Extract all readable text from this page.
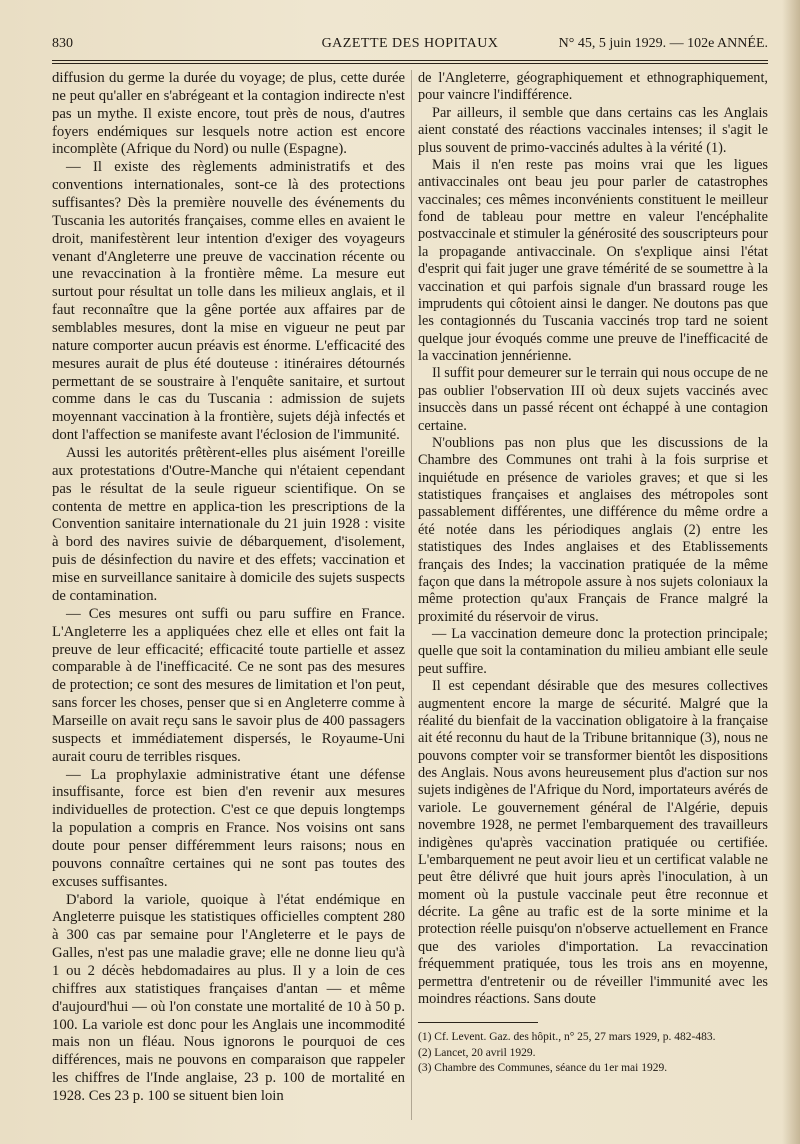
830	GAZETTE DES HOPITAUX	N° 45, 5 juin 1929. — 102e ANNÉE.

diffusion du germe la durée du voyage; de plus, cette durée ne peut qu'aller en s'abrégeant et la contagion indirecte n'est pas un mythe. Il existe encore, tout près de nous, d'autres foyers endémiques sur lesquels notre action est encore incomplète (Afrique du Nord) ou nulle (Espagne).

— Il existe des règlements administratifs et des conventions internationales, sont-ce là des protections suffisantes? Dès la première nouvelle des événements du Tuscania les autorités françaises, comme elles en avaient le droit, manifestèrent leur intention d'exiger des voyageurs venant d'Angleterre une preuve de vaccination récente ou une revaccination à la frontière même. La mesure eut surtout pour résultat un tolle dans les milieux anglais, et il faut reconnaître que la gêne portée aux affaires par de semblables mesures, dont la mise en vigueur ne peut par nature comporter aucun préavis est énorme. L'efficacité des mesures aurait de plus été douteuse : itinéraires détournés permettant de se soustraire à l'enquête sanitaire, et surtout comme dans le cas du Tuscania : admission de sujets moyennant vaccination à la frontière, sujets déjà infectés et dont l'affection se manifeste avant l'éclosion de l'immunité.

Aussi les autorités prêtèrent-elles plus aisément l'oreille aux protestations d'Outre-Manche qui n'étaient cependant pas le résultat de la seule rigueur scientifique. On se contenta de mettre en applica-tion les prescriptions de la Convention sanitaire internationale du 21 juin 1928 : visite à bord des navires suivie de débarquement, d'isolement, puis de désinfection du navire et des effets; vaccination et mise en surveillance sanitaire à domicile des sujets suspects de contamination.

— Ces mesures ont suffi ou paru suffire en France. L'Angleterre les a appliquées chez elle et elles ont fait la preuve de leur efficacité; efficacité toute partielle et assez comparable à de l'inefficacité. Ce ne sont pas des mesures de protection; ce sont des mesures de limitation et l'on peut, sans forcer les choses, penser que si en Angleterre comme à Marseille on avait reçu sans le savoir plus de 400 passagers suspects et immédiatement dispersés, le Royaume-Uni aurait couru de terribles risques.

— La prophylaxie administrative étant une défense insuffisante, force est bien d'en revenir aux mesures individuelles de protection. C'est ce que depuis longtemps la population a compris en France. Nos voisins ont sans doute pour penser différemment leurs raisons; nous en pouvons connaître certaines qui ne sont pas toutes des excuses suffisantes.

D'abord la variole, quoique à l'état endémique en Angleterre puisque les statistiques officielles comptent 280 à 300 cas par semaine pour l'Angleterre et le pays de Galles, n'est pas une maladie grave; elle ne donne lieu qu'à 1 ou 2 décès hebdomadaires au plus. Il y a loin de ces chiffres aux statistiques françaises d'antan — et même d'aujourd'hui — où l'on constate une mortalité de 10 à 50 p. 100. La variole est donc pour les Anglais une incommodité mais non un fléau. Nous ignorons le pourquoi de ces différences, mais ne pouvons en comparaison que rappeler les chiffres de l'Inde anglaise, 23 p. 100 de mortalité en 1928. Ces 23 p. 100 se situent bien loin

de l'Angleterre, géographiquement et ethnographiquement, pour vaincre l'indifférence.

Par ailleurs, il semble que dans certains cas les Anglais aient constaté des réactions vaccinales intenses; il s'agit le plus souvent de primo-vaccinés adultes à la vérité (1).

Mais il n'en reste pas moins vrai que les ligues antivaccinales ont beau jeu pour parler de catastrophes vaccinales; ces mêmes inconvénients constituent le meilleur fond de tableau pour mettre en valeur l'encéphalite postvaccinale et stimuler la générosité des souscripteurs pour la propagande antivaccinale. On s'explique ainsi l'état d'esprit qui fait juger une grave témérité de se soumettre à la vaccination et qui parfois signale d'un brassard rouge les imprudents qui côtoient ainsi le danger. Ne doutons pas que les contagionnés du Tuscania vaccinés trop tard ne soient quelque jour évoqués comme une preuve de l'inefficacité de la vaccination jennérienne.

Il suffit pour demeurer sur le terrain qui nous occupe de ne pas oublier l'observation III où deux sujets vaccinés avec insuccès dans un passé récent ont échappé à une contagion certaine.

N'oublions pas non plus que les discussions de la Chambre des Communes ont trahi à la fois surprise et inquiétude en présence de varioles graves; et que si les statistiques françaises et anglaises des métropoles sont passablement différentes, une différence du même ordre a été notée dans les périodiques anglais (2) entre les statistiques des Indes anglaises et des Etablissements français des Indes; la vaccination pratiquée de la même façon que dans la métropole assure à nos sujets coloniaux la même protection qu'aux Français de France malgré la proximité du réservoir de virus.

— La vaccination demeure donc la protection principale; quelle que soit la contamination du milieu ambiant elle seule peut suffire.

Il est cependant désirable que des mesures collectives augmentent encore la marge de sécurité. Malgré que la réalité du bienfait de la vaccination obligatoire à la française ait été reconnu du haut de la Tribune britannique (3), nous ne pouvons compter voir se transformer bientôt les dispositions des Anglais. Nous avons heureusement plus d'action sur nos sujets indigènes de l'Afrique du Nord, importateurs avérés de variole. Le gouvernement général de l'Algérie, depuis novembre 1928, ne permet l'embarquement des travailleurs indigènes qu'après vaccination pratiquée ou certifiée. L'embarquement ne peut avoir lieu et un certificat valable ne peut être délivré que huit jours après l'inoculation, à un moment où la pustule vaccinale peut être reconnue et décrite. La gêne au trafic est de la sorte minime et la protection réelle puisqu'on n'observe actuellement en France que des varioles d'importation. La revaccination fréquemment pratiquée, tous les trois ans en moyenne, permettra d'entretenir ou de réveiller l'immunité avec les moindres réactions. Sans doute

(1) Cf. Levent. Gaz. des hôpit., n° 25, 27 mars 1929, p. 482-483.
(2) Lancet, 20 avril 1929.
(3) Chambre des Communes, séance du 1er mai 1929.
